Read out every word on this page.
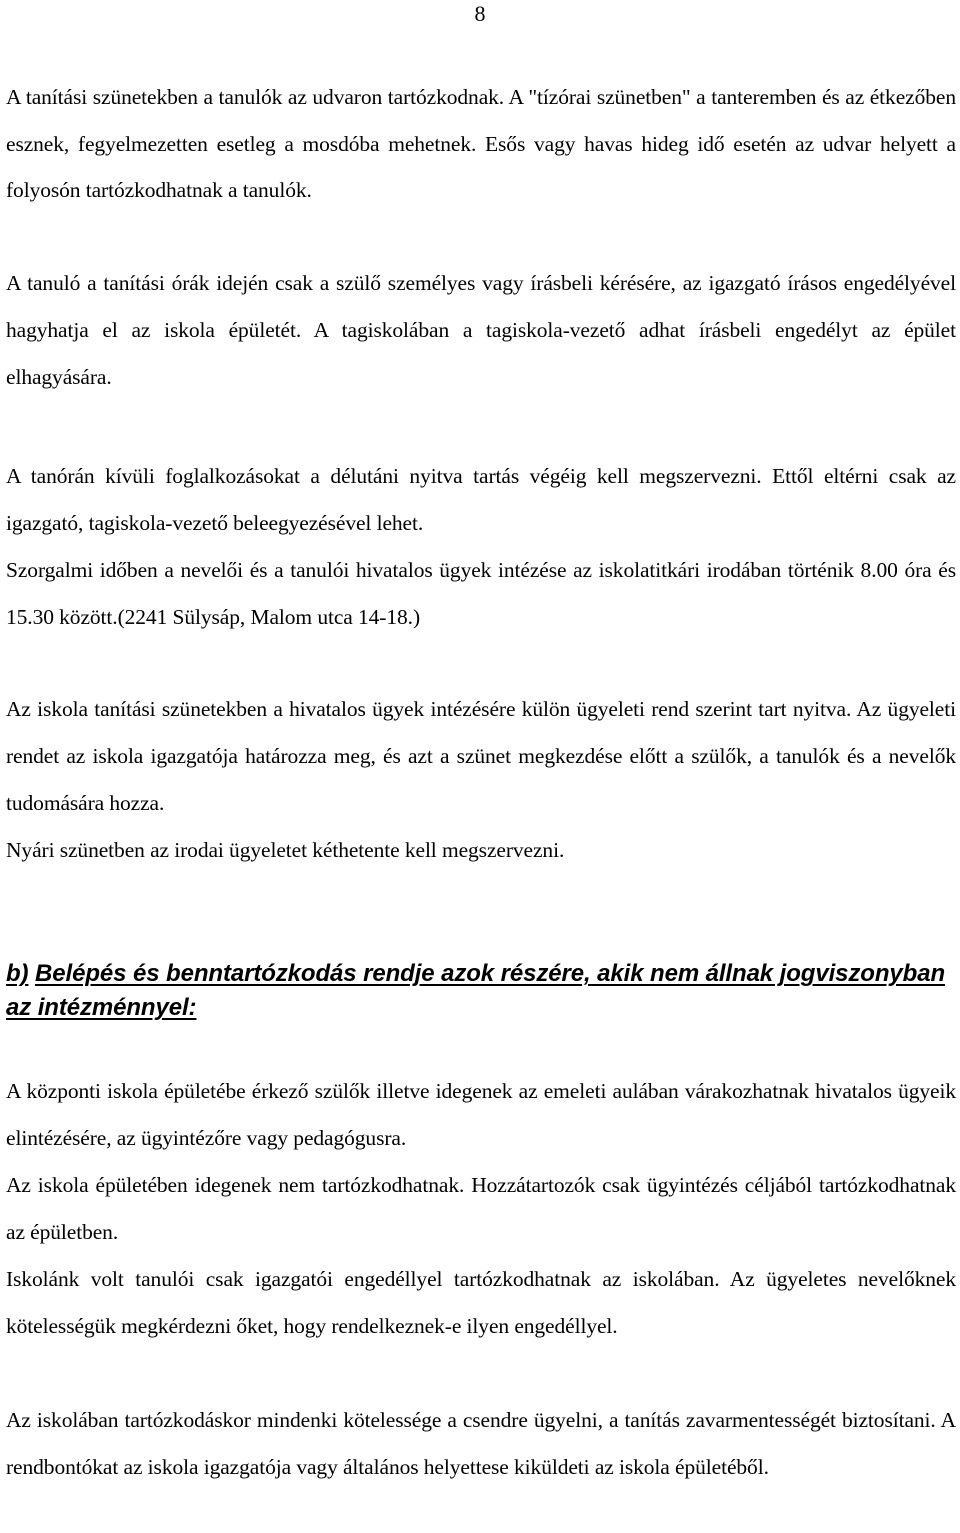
8

A tanítási szünetekben a tanulók az udvaron tartózkodnak. A "tízórai szünetben" a tanteremben és az étkezőben esznek, fegyelmezetten esetleg a mosdóba mehetnek. Esős vagy havas hideg idő esetén az udvar helyett a folyosón tartózkodhatnak a tanulók.

A tanuló a tanítási órák idején csak a szülő személyes vagy írásbeli kérésére, az igazgató írásos engedélyével hagyhatja el az iskola épületét. A tagiskolában a tagiskola-vezető adhat írásbeli engedélyt az épület elhagyására.

A tanórán kívüli foglalkozásokat a délutáni nyitva tartás végéig kell megszervezni. Ettől eltérni csak az igazgató, tagiskola-vezető beleegyezésével lehet.

Szorgalmi időben a nevelői és a tanulói hivatalos ügyek intézése az iskolatitkári irodában történik 8.00 óra és 15.30 között.(2241 Sülysáp, Malom utca 14-18.)

Az iskola tanítási szünetekben a hivatalos ügyek intézésére külön ügyeleti rend szerint tart nyitva. Az ügyeleti rendet az iskola igazgatója határozza meg, és azt a szünet megkezdése előtt a szülők, a tanulók és a nevelők tudomására hozza.

Nyári szünetben az irodai ügyeletet kéthetente kell megszervezni.

b) Belépés és benntartózkodás rendje azok részére, akik nem állnak jogviszonyban az intézménnyel:

A központi iskola épületébe érkező szülők illetve idegenek az emeleti aulában várakozhatnak hivatalos ügyeik elintézésére, az ügyintézőre vagy pedagógusra.

Az iskola épületében idegenek nem tartózkodhatnak. Hozzátartozók csak ügyintézés céljából tartózkodhatnak az épületben.

Iskolánk volt tanulói csak igazgatói engedéllyel tartózkodhatnak az iskolában. Az ügyeletes nevelőknek kötelességük megkérdezni őket, hogy rendelkeznek-e ilyen engedéllyel.

Az iskolában tartózkodáskor mindenki kötelessége a csendre ügyelni, a tanítás zavarmentességét biztosítani. A rendbontókat az iskola igazgatója vagy általános helyettese kiküldeti az iskola épületéből.
